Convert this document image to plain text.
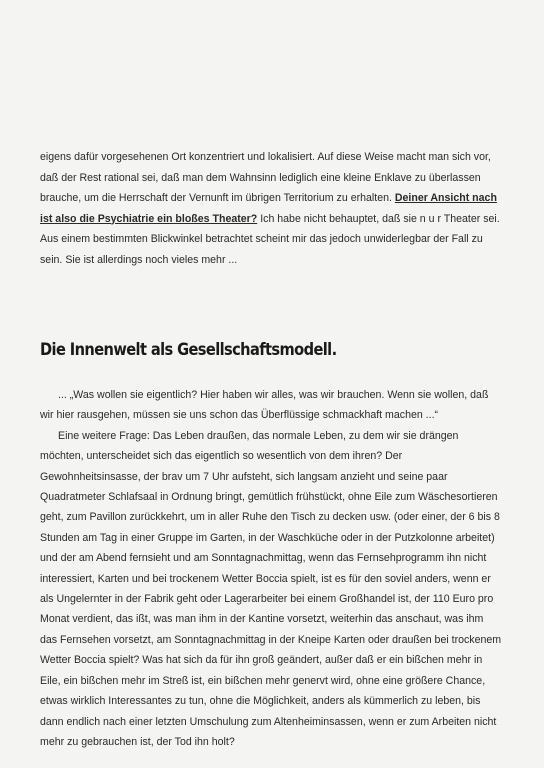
eigens dafür vorgesehenen Ort konzentriert und lokalisiert. Auf diese Weise macht man sich vor, daß der Rest rational sei, daß man dem Wahnsinn lediglich eine kleine Enklave zu überlassen brauche, um die Herrschaft der Vernunft im übrigen Territorium zu erhalten. Deiner Ansicht nach ist also die Psychiatrie ein bloßes Theater? Ich habe nicht behauptet, daß sie n u r Theater sei. Aus einem bestimmten Blickwinkel betrachtet scheint mir das jedoch unwiderlegbar der Fall zu sein. Sie ist allerdings noch vieles mehr ...

Die Innenwelt als Gesellschaftsmodell.

... „Was wollen sie eigentlich? Hier haben wir alles, was wir brauchen. Wenn sie wollen, daß wir hier rausgehen, müssen sie uns schon das Überflüssige schmackhaft machen ...“
Eine weitere Frage: Das Leben draußen, das normale Leben, zu dem wir sie drängen möchten, unterscheidet sich das eigentlich so wesentlich von dem ihren? Der Gewohnheitsinsasse, der brav um 7 Uhr aufsteht, sich langsam anzieht und seine paar Quadratmeter Schlafsaal in Ordnung bringt, gemütlich frühstückt, ohne Eile zum Wäschesortieren geht, zum Pavillon zurückkehrt, um in aller Ruhe den Tisch zu decken usw. (oder einer, der 6 bis 8 Stunden am Tag in einer Gruppe im Garten, in der Waschküche oder in der Putzkolonne arbeitet) und der am Abend fernsieht und am Sonntagnachmittag, wenn das Fernsehprogramm ihn nicht interessiert, Karten und bei trockenem Wetter Boccia spielt, ist es für den soviel anders, wenn er als Ungelernter in der Fabrik geht oder Lagerarbeiter bei einem Großhandel ist, der 110 Euro pro Monat verdient, das ißt, was man ihm in der Kantine vorsetzt, weiterhin das anschaut, was ihm das Fernsehen vorsetzt, am Sonntagnachmittag in der Kneipe Karten oder draußen bei trockenem Wetter Boccia spielt? Was hat sich da für ihn groß geändert, außer daß er ein bißchen mehr in Eile, ein bißchen mehr im Streß ist, ein bißchen mehr genervt wird, ohne eine größere Chance, etwas wirklich Interessantes zu tun, ohne die Möglichkeit, anders als kümmerlich zu leben, bis dann endlich nach einer letzten Umschulung zum Altenheiminsassen, wenn er zum Arbeiten nicht mehr zu gebrauchen ist, der Tod ihn holt?
